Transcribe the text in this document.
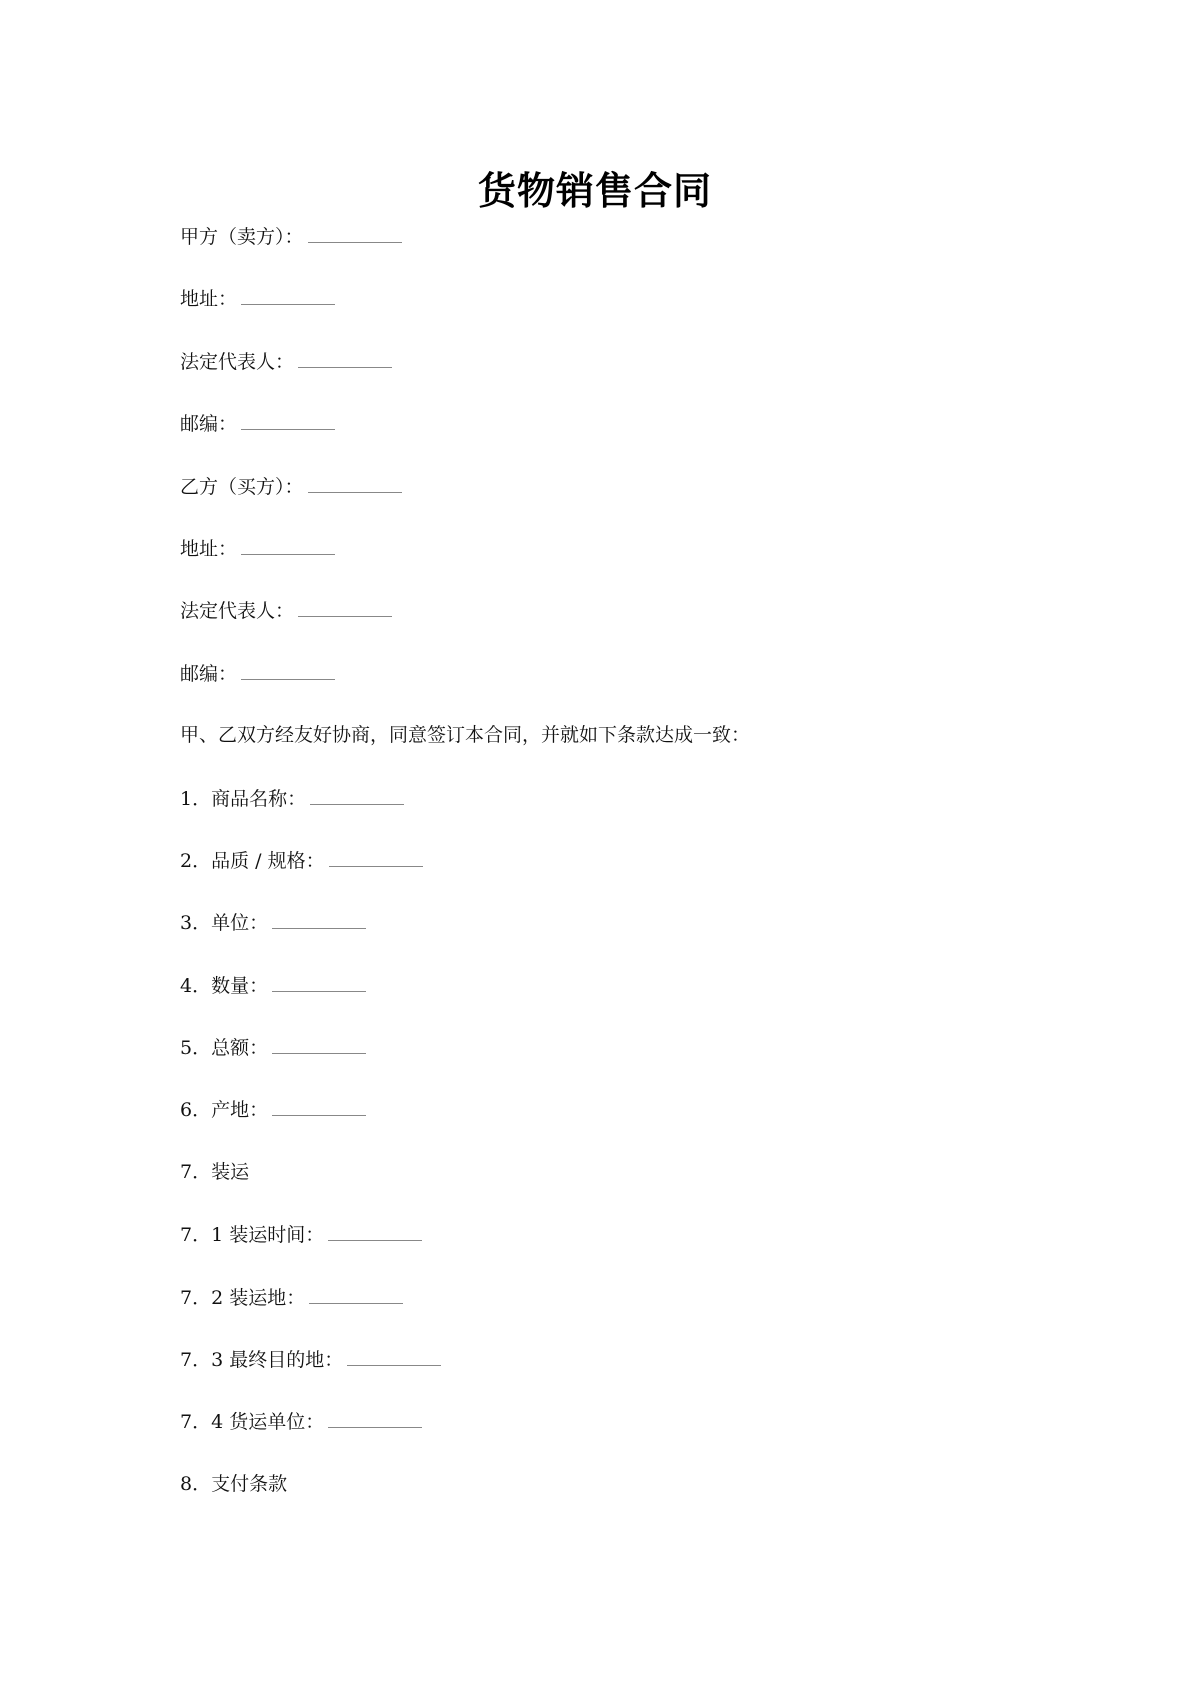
货物销售合同
甲方（卖方）：
地址：
法定代表人：
邮编：
乙方（买方）：
地址：
法定代表人：
邮编：
甲、乙双方经友好协商，同意签订本合同，并就如下条款达成一致：
1．商品名称：
2．品质 / 规格：
3．单位：
4．数量：
5．总额：
6．产地：
7．装运
7．1 装运时间：
7．2 装运地：
7．3 最终目的地：
7．4 货运单位：
8．支付条款
